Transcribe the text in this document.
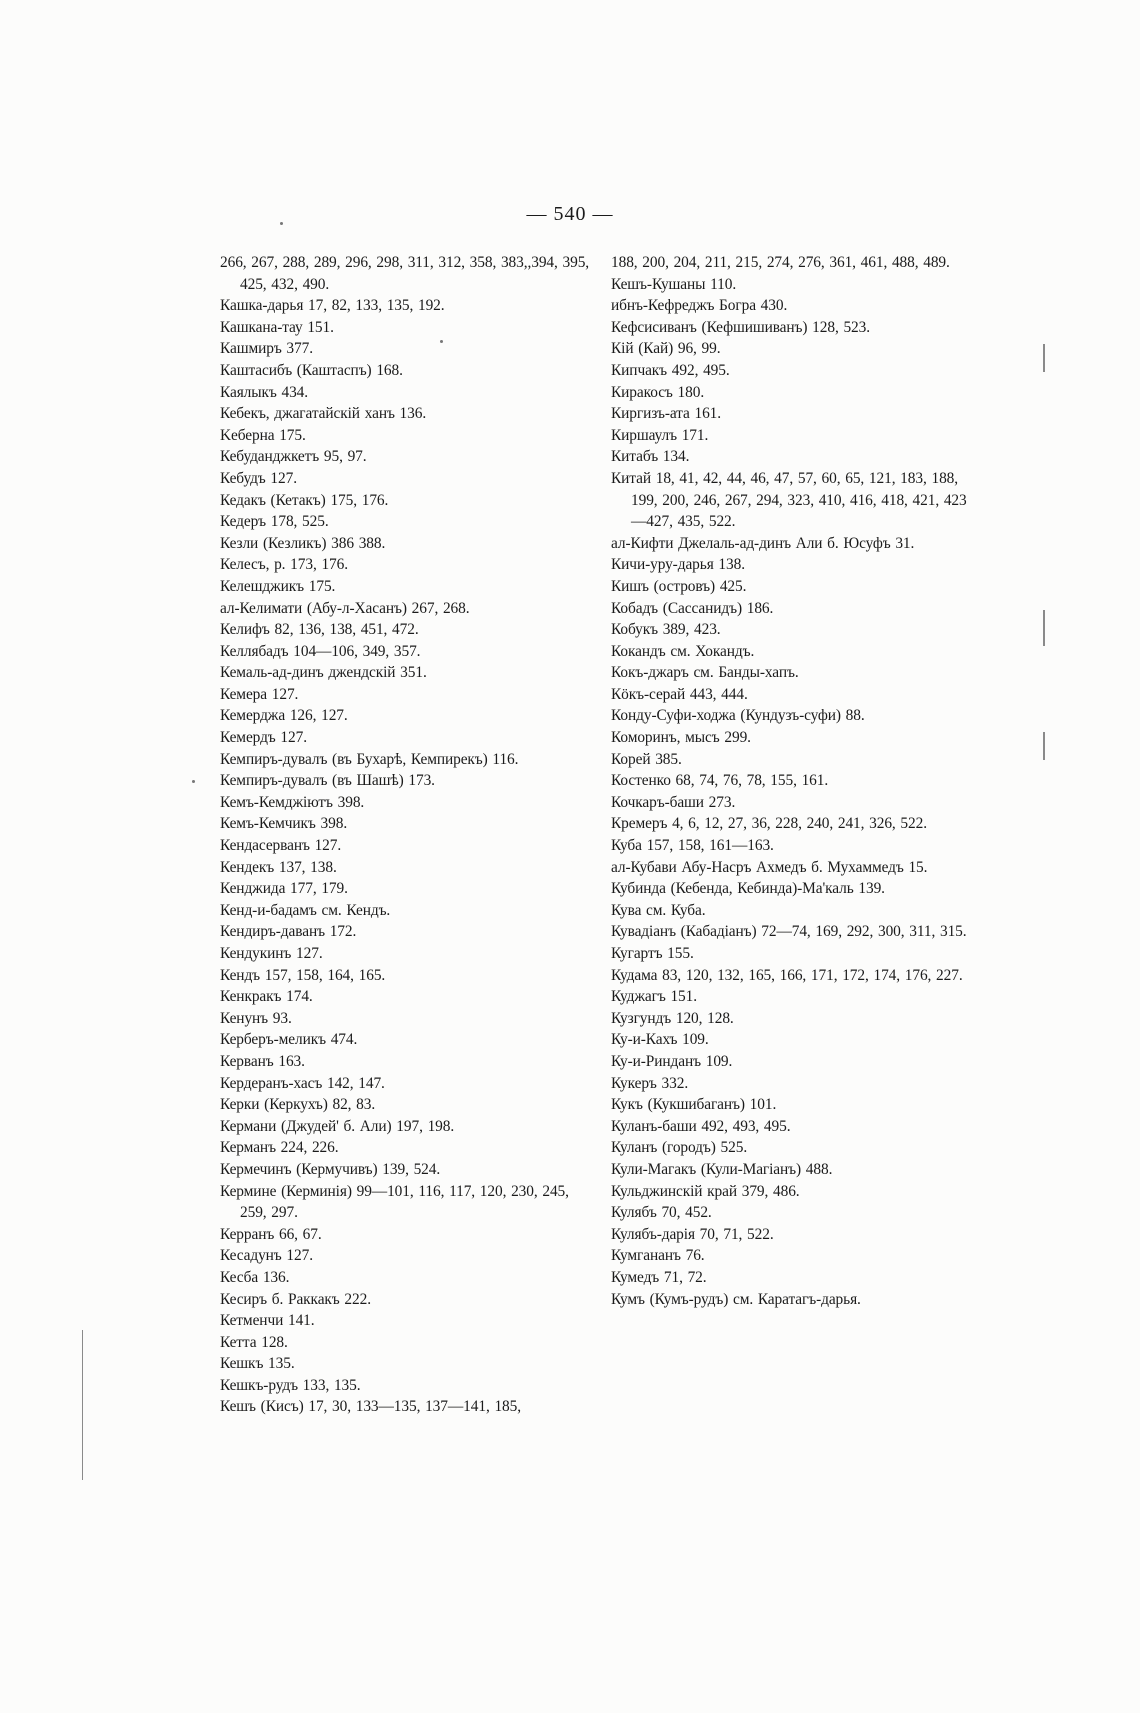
— 540 —
266, 267, 288, 289, 296, 298, 311, 312, 358, 383,,394, 395, 425, 432, 490.
Кашка-дарья 17, 82, 133, 135, 192.
Кашкана-тау 151.
Кашмиръ 377.
Каштасибъ (Каштаспъ) 168.
Каялыкъ 434.
Кебекъ, джагатайскій ханъ 136.
Keберна 175.
Кебуданджкетъ 95, 97.
Кебудъ 127.
Кедакъ (Кетакъ) 175, 176.
Кедеръ 178, 525.
Кезли (Кезликъ) 386 388.
Келесъ, р. 173, 176.
Келешджикъ 175.
ал-Келимати (Абу-л-Хасанъ) 267, 268.
Келифъ 82, 136, 138, 451, 472.
Келлябадъ 104—106, 349, 357.
Кемаль-ад-динъ джендскій 351.
Кемера 127.
Кемерджа 126, 127.
Кемердъ 127.
Кемпиръ-дувалъ (въ Бухарѣ, Кемпирекъ) 116.
Кемпиръ-дувалъ (въ Шашѣ) 173.
Кемъ-Кемджіютъ 398.
Кемъ-Кемчикъ 398.
Кендасерванъ 127.
Кендекъ 137, 138.
Кенджида 177, 179.
Кенд-и-бадамъ см. Кендъ.
Кендиръ-даванъ 172.
Кендукинъ 127.
Кендъ 157, 158, 164, 165.
Кенкракъ 174.
Кенунъ 93.
Керберъ-меликъ 474.
Керванъ 163.
Кердеранъ-хасъ 142, 147.
Керки (Керкухъ) 82, 83.
Кермани (Джудей' б. Али) 197, 198.
Керманъ 224, 226.
Кермечинъ (Кермучивъ) 139, 524.
Кермине (Керминія) 99—101, 116, 117, 120, 230, 245, 259, 297.
Керранъ 66, 67.
Кесадунъ 127.
Кесба 136.
Кесиръ б. Раккакъ 222.
Кетменчи 141.
Кетта 128.
Кешкъ 135.
Кешкъ-рудъ 133, 135.
Кешъ (Кисъ) 17, 30, 133—135, 137—141, 185,
188, 200, 204, 211, 215, 274, 276, 361, 461, 488, 489.
Кешъ-Кушаны 110.
ибнъ-Кефреджъ Богра 430.
Кефсисиванъ (Кефшишиванъ) 128, 523.
Кій (Кай) 96, 99.
Кипчакъ 492, 495.
Киракосъ 180.
Киргизъ-ата 161.
Киршаулъ 171.
Китабъ 134.
Китай 18, 41, 42, 44, 46, 47, 57, 60, 65, 121, 183, 188, 199, 200, 246, 267, 294, 323, 410, 416, 418, 421, 423—427, 435, 522.
ал-Кифти Джелаль-ад-динъ Али б. Юсуфъ 31.
Кичи-уру-дарья 138.
Кишъ (островъ) 425.
Кобадъ (Сассанидъ) 186.
Кобукъ 389, 423.
Кокандъ см. Хокандъ.
Кокъ-джаръ см. Банды-хапъ.
Кöкъ-серай 443, 444.
Конду-Суфи-ходжа (Кундузъ-суфи) 88.
Коморинъ, мысъ 299.
Корей 385.
Костенко 68, 74, 76, 78, 155, 161.
Кочкаръ-баши 273.
Кремеръ 4, 6, 12, 27, 36, 228, 240, 241, 326, 522.
Куба 157, 158, 161—163.
ал-Кубави Абу-Насръ Ахмедъ б. Мухаммедъ 15.
Кубинда (Кебенда, Кебинда)-Ма'каль 139.
Кува см. Куба.
Кувадіанъ (Кабадіанъ) 72—74, 169, 292, 300, 311, 315.
Кугартъ 155.
Кудама 83, 120, 132, 165, 166, 171, 172, 174, 176, 227.
Куджагъ 151.
Кузгундъ 120, 128.
Ку-и-Кахъ 109.
Ку-и-Ринданъ 109.
Кукеръ 332.
Кукъ (Кукшибаганъ) 101.
Куланъ-баши 492, 493, 495.
Куланъ (городъ) 525.
Кули-Магакъ (Кули-Магіанъ) 488.
Кульджинскій край 379, 486.
Кулябъ 70, 452.
Кулябъ-дарія 70, 71, 522.
Кумгананъ 76.
Кумедъ 71, 72.
Кумъ (Кумъ-рудъ) см. Каратагъ-дарья.
